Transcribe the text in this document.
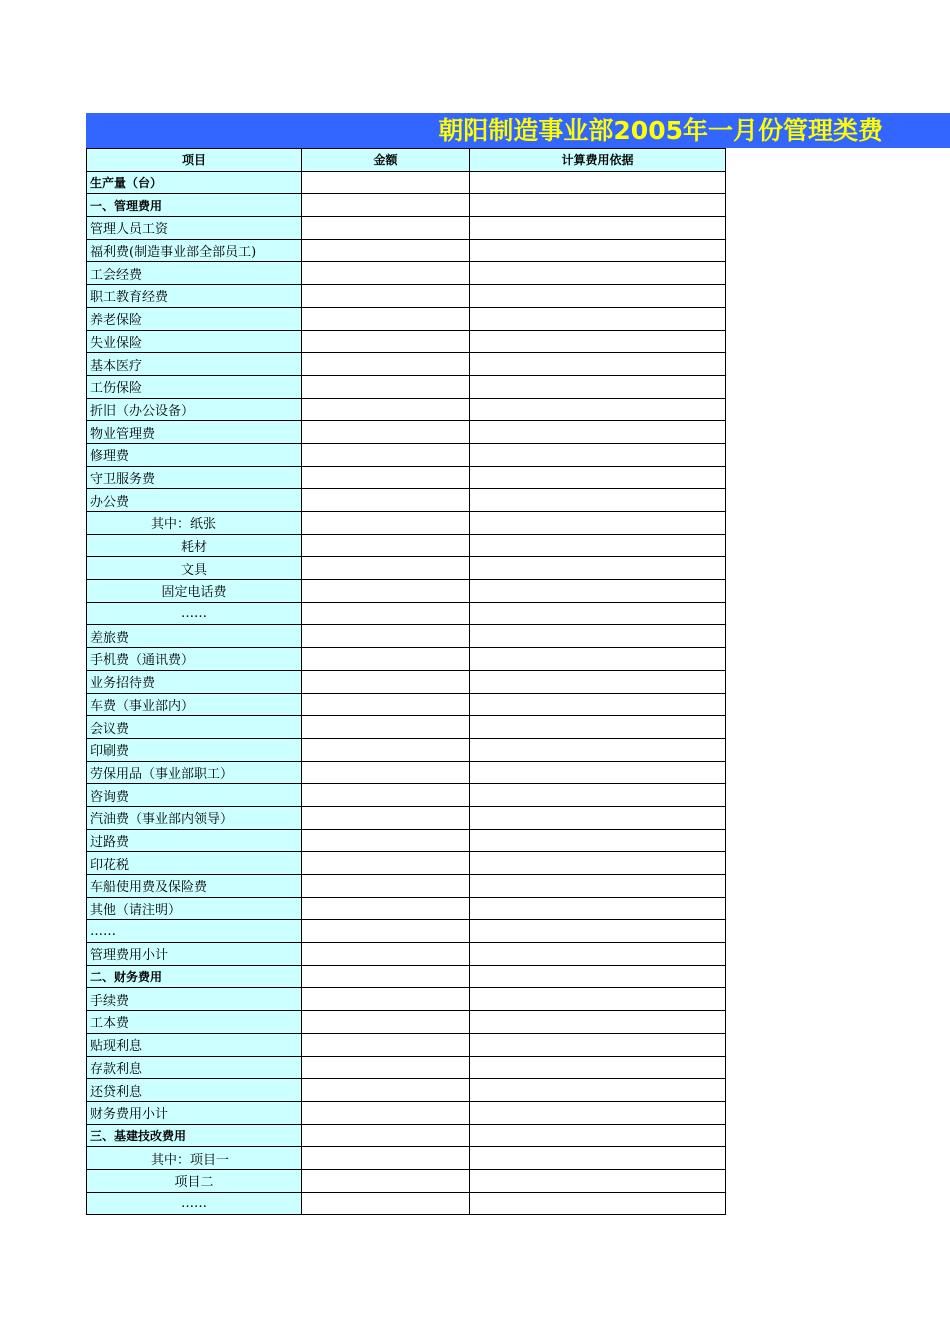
朝阳制造事业部2005年一月份管理类费
项目	金额	计算费用依据
生产量（台）		
一、管理费用		
管理人员工资		
福利费(制造事业部全部员工)		
工会经费		
职工教育经费		
养老保险		
失业保险		
基本医疗		
工伤保险		
折旧（办公设备）		
物业管理费		
修理费		
守卫服务费		
办公费		
其中：纸张		
耗材		
文具		
固定电话费		
……		
差旅费		
手机费（通讯费）		
业务招待费		
车费（事业部内）		
会议费		
印刷费		
劳保用品（事业部职工）		
咨询费		
汽油费（事业部内领导）		
过路费		
印花税		
车船使用费及保险费		
其他（请注明）		
……		
管理费用小计		
二、财务费用		
手续费		
工本费		
贴现利息		
存款利息		
还贷利息		
财务费用小计		
三、基建技改费用		
其中：项目一		
项目二		
……		
